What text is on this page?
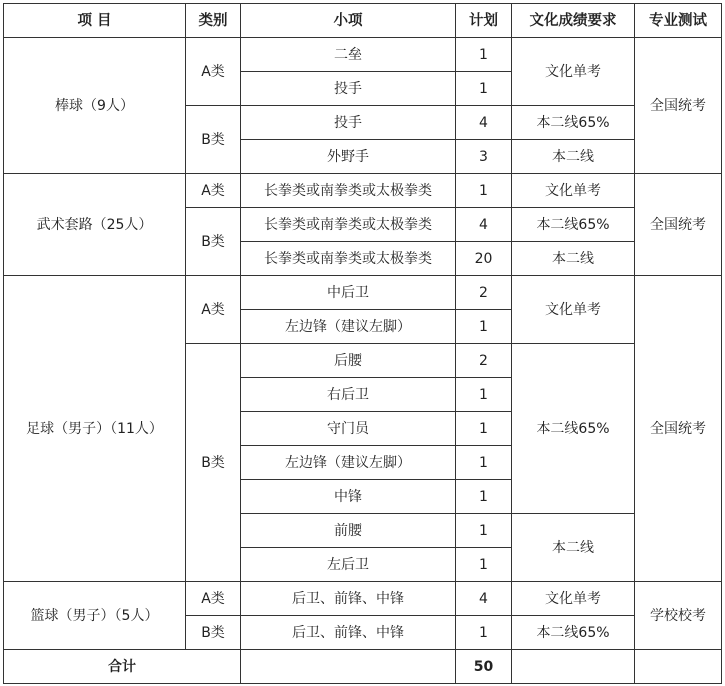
项 目	类别	小项	计划	文化成绩要求	专业测试
棒球（9人）	A类	二垒	1	文化单考	全国统考
		投手	1		
	B类	投手	4	本二线65%	
		外野手	3	本二线	
武术套路（25人）	A类	长拳类或南拳类或太极拳类	1	文化单考	全国统考
	B类	长拳类或南拳类或太极拳类	4	本二线65%	
		长拳类或南拳类或太极拳类	20	本二线	
足球（男子）（11人）	A类	中后卫	2	文化单考	全国统考
		左边锋（建议左脚）	1		
	B类	后腰	2	本二线65%	
		右后卫	1		
		守门员	1		
		左边锋（建议左脚）	1		
		中锋	1		
		前腰	1	本二线	
		左后卫	1		
篮球（男子）（5人）	A类	后卫、前锋、中锋	4	文化单考	学校校考
	B类	后卫、前锋、中锋	1	本二线65%	
合计			50		
